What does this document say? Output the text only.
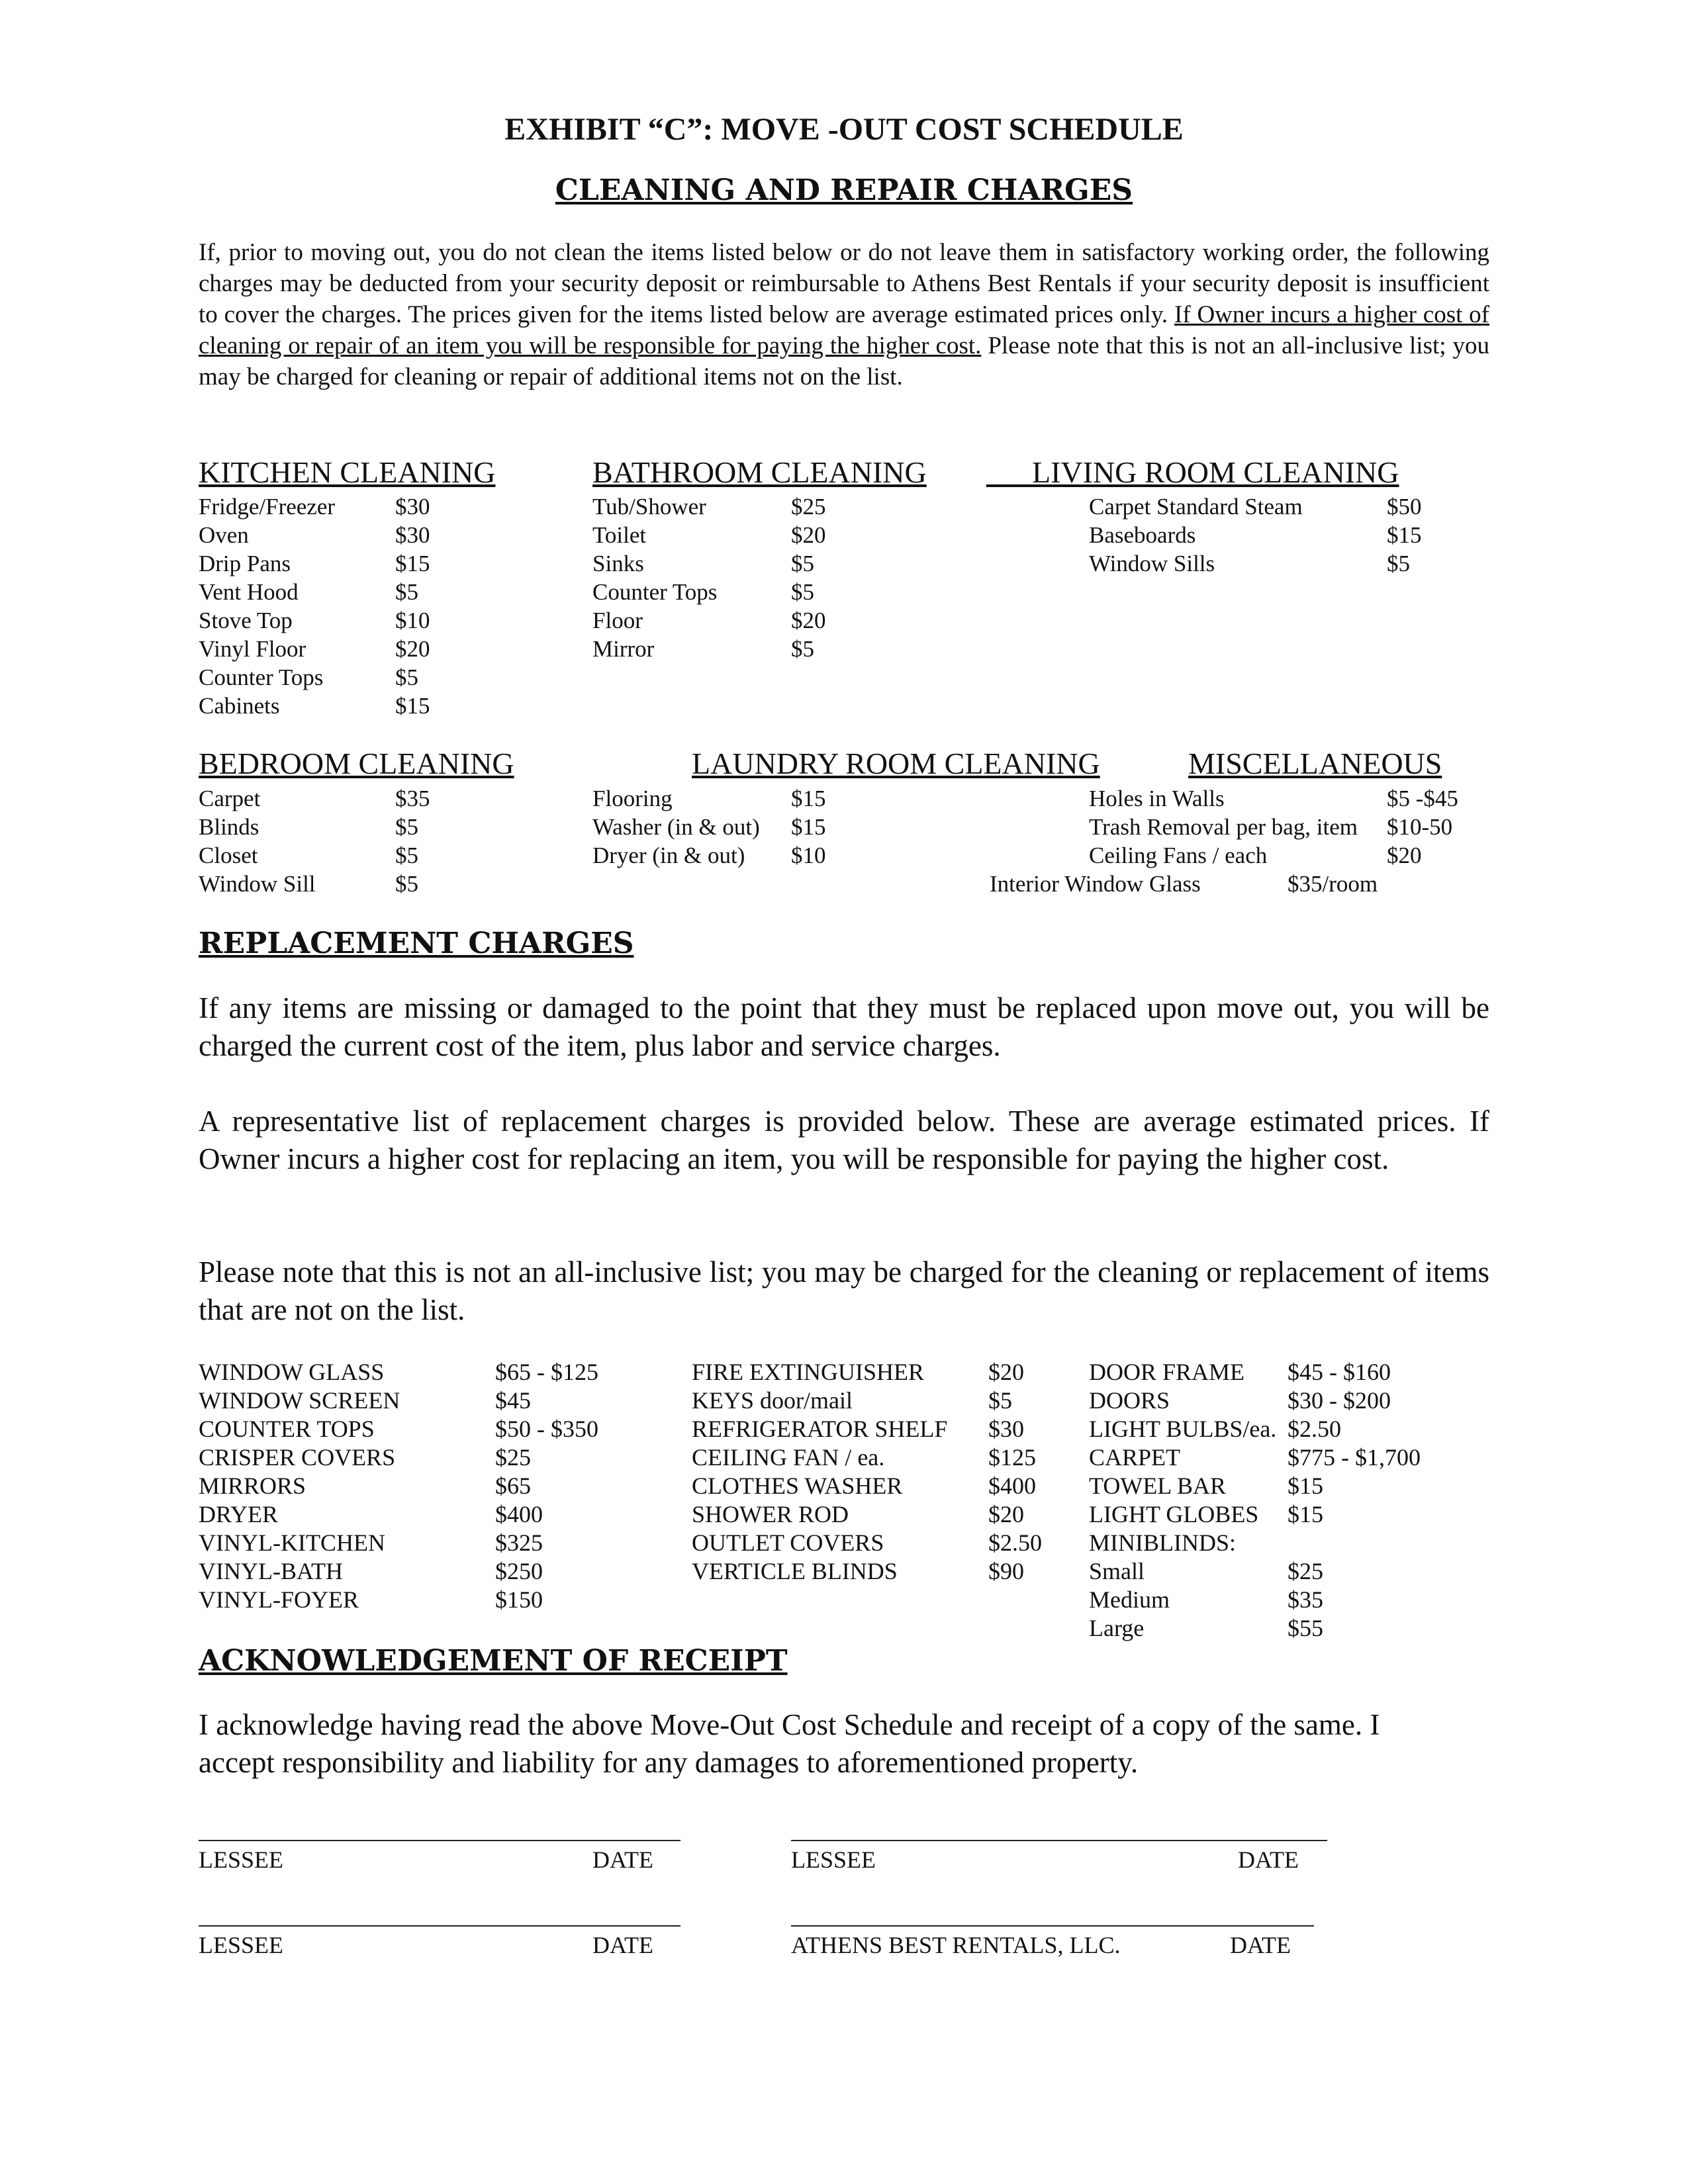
EXHIBIT “C”: MOVE -OUT COST SCHEDULE
CLEANING AND REPAIR CHARGES
If, prior to moving out, you do not clean the items listed below or do not leave them in satisfactory working order, the following charges may be deducted from your security deposit or reimbursable to Athens Best Rentals if your security deposit is insufficient to cover the charges. The prices given for the items listed below are average estimated prices only. If Owner incurs a higher cost of cleaning or repair of an item you will be responsible for paying the higher cost. Please note that this is not an all-inclusive list; you may be charged for cleaning or repair of additional items not on the list.
KITCHEN CLEANING	BATHROOM CLEANING ___LIVING ROOM CLEANING
Fridge/Freezer	$30
Oven	$30
Drip Pans	$15
Vent Hood	$5
Stove Top	$10
Vinyl Floor	$20
Counter Tops	$5
Cabinets	$15
Tub/Shower	$25
Toilet	$20
Sinks	$5
Counter Tops	$5
Floor	$20
Mirror	$5
Carpet Standard Steam	$50
Baseboards	$15
Window Sills	$5
BEDROOM CLEANING	LAUNDRY ROOM CLEANING	MISCELLANEOUS
Carpet	$35
Blinds	$5
Closet	$5
Window Sill	$5
Flooring	$15
Washer (in & out) $15
Dryer (in & out) $10
Holes in Walls	$5 -$45
Trash Removal per bag, item $10-50
Ceiling Fans / each	$20
Interior Window Glass	$35/room
REPLACEMENT CHARGES
If any items are missing or damaged to the point that they must be replaced upon move out, you will be charged the current cost of the item, plus labor and service charges.
A representative list of replacement charges is provided below. These are average estimated prices. If Owner incurs a higher cost for replacing an item, you will be responsible for paying the higher cost.
Please note that this is not an all-inclusive list; you may be charged for the cleaning or replacement of items that are not on the list.
WINDOW GLASS	$65 - $125
WINDOW SCREEN	$45
COUNTER TOPS	$50 - $350
CRISPER COVERS	$25
MIRRORS	$65
DRYER	$400
VINYL-KITCHEN	$325
VINYL-BATH	$250
VINYL-FOYER	$150
FIRE EXTINGUISHER	$20
KEYS door/mail	$5
REFRIGERATOR SHELF $30
CEILING FAN / ea.	$125
CLOTHES WASHER	$400
SHOWER ROD	$20
OUTLET COVERS	$2.50
VERTICLE BLINDS	$90
DOOR FRAME $45 - $160
DOORS	$30 - $200
LIGHT BULBS/ea. $2.50
CARPET	$775 - $1,700
TOWEL BAR	$15
LIGHT GLOBES $15
MINIBLINDS:
Small	$25
Medium	$35
Large	$55
ACKNOWLEDGEMENT OF RECEIPT
I acknowledge having read the above Move-Out Cost Schedule and receipt of a copy of the same. I accept responsibility and liability for any damages to aforementioned property.
LESSEE	DATE	LESSEE	DATE
LESSEE	DATE	ATHENS BEST RENTALS, LLC.	DATE
